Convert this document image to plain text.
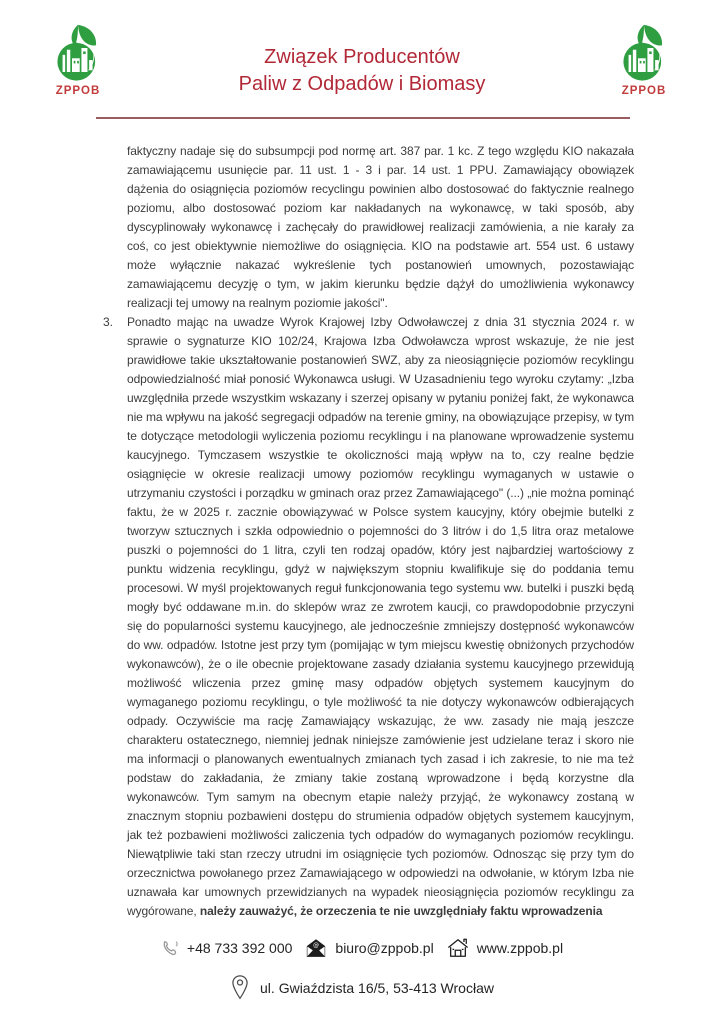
ZPPOB
Związek Producentów
Paliw z Odpadów i Biomasy	ZPPOB

faktyczny nadaje się do subsumpcji pod normę art. 387 par. 1 kc. Z tego względu KIO nakazała zamawiającemu usunięcie par. 11 ust. 1 - 3 i par. 14 ust. 1 PPU. Zamawiający obowiązek dążenia do osiągnięcia poziomów recyclingu powinien albo dostosować do faktycznie realnego poziomu, albo dostosować poziom kar nakładanych na wykonawcę, w taki sposób, aby dyscyplinowały wykonawcę i zachęcały do prawidłowej realizacji zamówienia, a nie karały za coś, co jest obiektywnie niemożliwe do osiągnięcia. KIO na podstawie art. 554 ust. 6 ustawy może wyłącznie nakazać wykreślenie tych postanowień umownych, pozostawiając zamawiającemu decyzję o tym, w jakim kierunku będzie dążył do umożliwienia wykonawcy realizacji tej umowy na realnym poziomie jakości".

3.	Ponadto mając na uwadze Wyrok Krajowej Izby Odwoławczej z dnia 31 stycznia 2024 r. w sprawie o sygnaturze KIO 102/24, Krajowa Izba Odwoławcza wprost wskazuje, że nie jest prawidłowe takie ukształtowanie postanowień SWZ, aby za nieosiągnięcie poziomów recyklingu odpowiedzialność miał ponosić Wykonawca usługi. W Uzasadnieniu tego wyroku czytamy: „Izba uwzględniła przede wszystkim wskazany i szerzej opisany w pytaniu poniżej fakt, że wykonawca nie ma wpływu na jakość segregacji odpadów na terenie gminy, na obowiązujące przepisy, w tym te dotyczące metodologii wyliczenia poziomu recyklingu i na planowane wprowadzenie systemu kaucyjnego. Tymczasem wszystkie te okoliczności mają wpływ na to, czy realne będzie osiągnięcie w okresie realizacji umowy poziomów recyklingu wymaganych w ustawie o utrzymaniu czystości i porządku w gminach oraz przez Zamawiającego" (...) „nie można pominąć faktu, że w 2025 r. zacznie obowiązywać w Polsce system kaucyjny, który obejmie butelki z tworzyw sztucznych i szkła odpowiednio o pojemności do 3 litrów i do 1,5 litra oraz metalowe puszki o pojemności do 1 litra, czyli ten rodzaj opadów, który jest najbardziej wartościowy z punktu widzenia recyklingu, gdyż w największym stopniu kwalifikuje się do poddania temu procesowi. W myśl projektowanych reguł funkcjonowania tego systemu ww. butelki i puszki będą mogły być oddawane m.in. do sklepów wraz ze zwrotem kaucji, co prawdopodobnie przyczyni się do popularności systemu kaucyjnego, ale jednocześnie zmniejszy dostępność wykonawców do ww. odpadów. Istotne jest przy tym (pomijając w tym miejscu kwestię obniżonych przychodów wykonawców), że o ile obecnie projektowane zasady działania systemu kaucyjnego przewidują możliwość wliczenia przez gminę masy odpadów objętych systemem kaucyjnym do wymaganego poziomu recyklingu, o tyle możliwość ta nie dotyczy wykonawców odbierających odpady. Oczywiście ma rację Zamawiający wskazując, że ww. zasady nie mają jeszcze charakteru ostatecznego, niemniej jednak niniejsze zamówienie jest udzielane teraz i skoro nie ma informacji o planowanych ewentualnych zmianach tych zasad i ich zakresie, to nie ma też podstaw do zakładania, że zmiany takie zostaną wprowadzone i będą korzystne dla wykonawców. Tym samym na obecnym etapie należy przyjąć, że wykonawcy zostaną w znacznym stopniu pozbawieni dostępu do strumienia odpadów objętych systemem kaucyjnym, jak też pozbawieni możliwości zaliczenia tych odpadów do wymaganych poziomów recyklingu. Niewątpliwie taki stan rzeczy utrudni im osiągnięcie tych poziomów. Odnosząc się przy tym do orzecznictwa powołanego przez Zamawiającego w odpowiedzi na odwołanie, w którym Izba nie uznawała kar umownych przewidzianych na wypadek nieosiągnięcia poziomów recyklingu za wygórowane, należy zauważyć, że orzeczenia te nie uwzględniały faktu wprowadzenia

+48 733 392 000	@ biuro@zppob.pl	www.zppob.pl
ul. Gwiaździsta 16/5, 53-413 Wrocław
